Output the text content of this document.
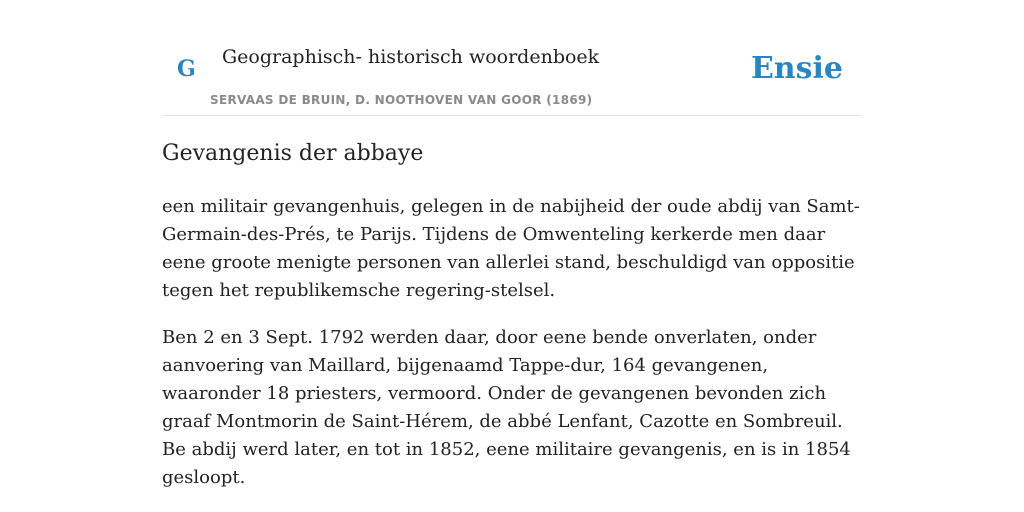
G Geographisch- historisch woordenboek
SERVAAS DE BRUIN, D. NOOTHOVEN VAN GOOR (1869)
Ensie
Gevangenis der abbaye

een militair gevangenhuis, gelegen in de nabijheid der oude abdij van Samt-Germain-des-Prés, te Parijs. Tijdens de Omwenteling kerkerde men daar eene groote menigte personen van allerlei stand, beschuldigd van oppositie tegen het republikemsche regering-stelsel.

Ben 2 en 3 Sept. 1792 werden daar, door eene bende onverlaten, onder aanvoering van Maillard, bijgenaamd Tappe-dur, 164 gevangenen, waaronder 18 priesters, vermoord. Onder de gevangenen bevonden zich graaf Montmorin de Saint-Hérem, de abbé Lenfant, Cazotte en Sombreuil. Be abdij werd later, en tot in 1852, eene militaire gevangenis, en is in 1854 gesloopt.
